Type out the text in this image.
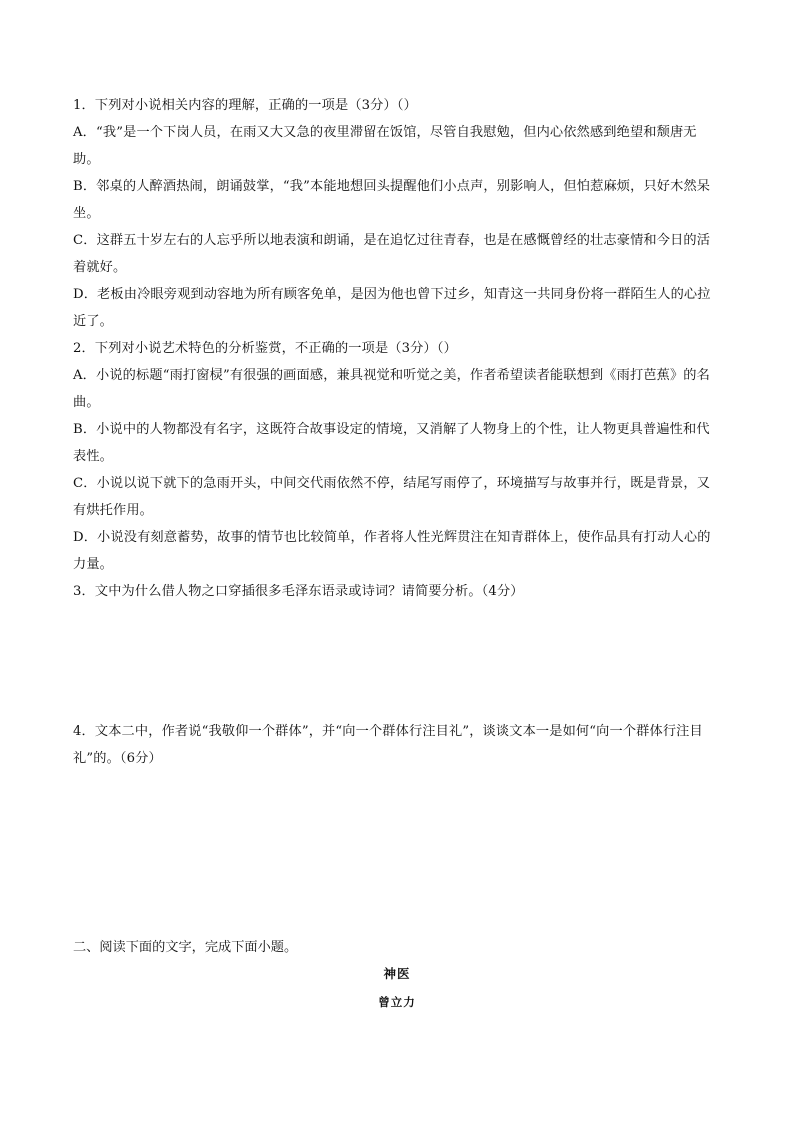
1．下列对小说相关内容的理解，正确的一项是（3分）（）

A．“我”是一个下岗人员，在雨又大又急的夜里滞留在饭馆，尽管自我慰勉，但内心依然感到绝望和颓唐无助。

B．邻桌的人醉酒热闹，朗诵鼓掌，“我”本能地想回头提醒他们小点声，别影响人，但怕惹麻烦，只好木然呆坐。

C．这群五十岁左右的人忘乎所以地表演和朗诵，是在追忆过往青春，也是在感慨曾经的壮志豪情和今日的活着就好。

D．老板由冷眼旁观到动容地为所有顾客免单，是因为他也曾下过乡，知青这一共同身份将一群陌生人的心拉近了。

2．下列对小说艺术特色的分析鉴赏，不正确的一项是（3分）（）

A．小说的标题“雨打窗棂”有很强的画面感，兼具视觉和听觉之美，作者希望读者能联想到《雨打芭蕉》的名曲。

B．小说中的人物都没有名字，这既符合故事设定的情境，又消解了人物身上的个性，让人物更具普遍性和代表性。

C．小说以说下就下的急雨开头，中间交代雨依然不停，结尾写雨停了，环境描写与故事并行，既是背景，又有烘托作用。

D．小说没有刻意蓄势，故事的情节也比较简单，作者将人性光辉贯注在知青群体上，使作品具有打动人心的力量。

3．文中为什么借人物之口穿插很多毛泽东语录或诗词？请简要分析。（4分）

4．文本二中，作者说“我敬仰一个群体”，并“向一个群体行注目礼”，谈谈文本一是如何“向一个群体行注目礼”的。（6分）

二、阅读下面的文字，完成下面小题。
神医
曾立力
